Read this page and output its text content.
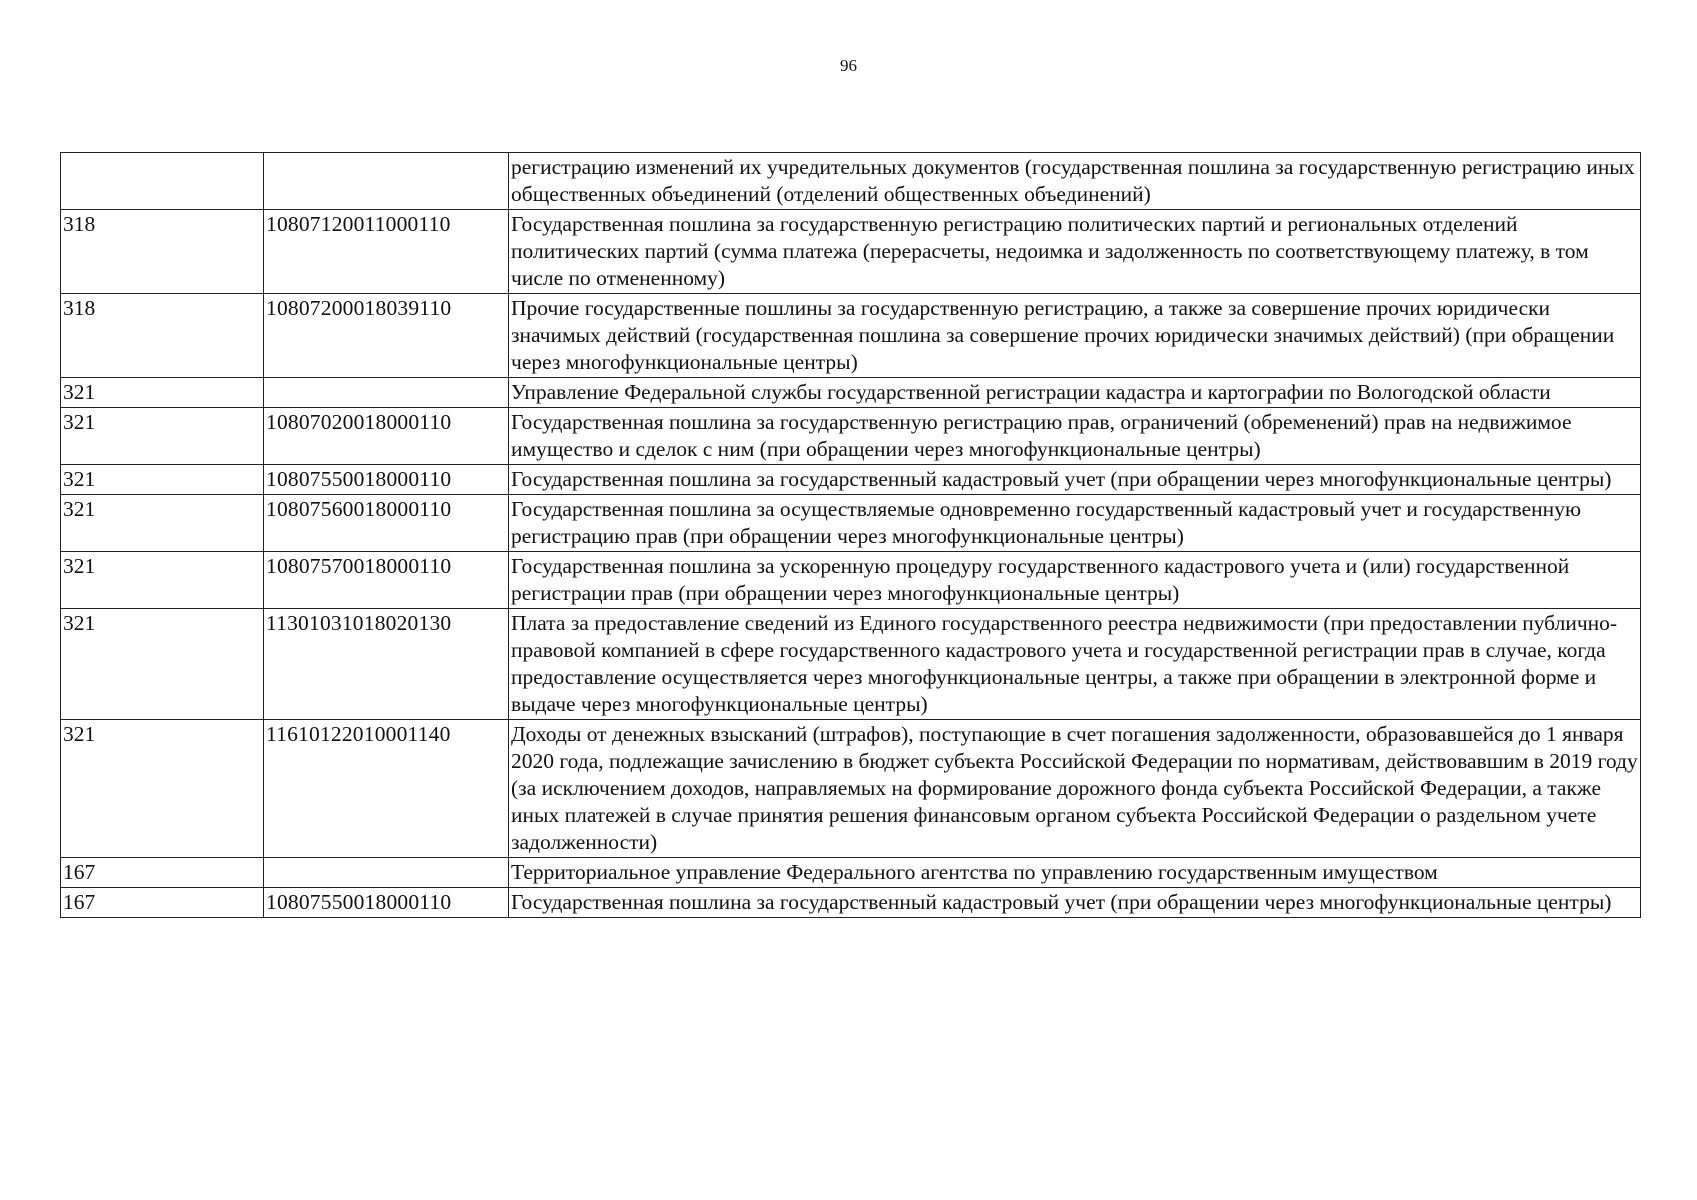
96
		регистрацию изменений их учредительных документов (государственная пошлина за государственную регистрацию иных общественных объединений (отделений общественных объединений)
318	10807120011000110	Государственная пошлина за государственную регистрацию политических партий и региональных отделений политических партий (сумма платежа (перерасчеты, недоимка и задолженность по соответствующему платежу, в том числе по отмененному)
318	10807200018039110	Прочие государственные пошлины за государственную регистрацию, а также за совершение прочих юридически значимых действий (государственная пошлина за совершение прочих юридически значимых действий) (при обращении через многофункциональные центры)
321		Управление Федеральной службы государственной регистрации кадастра и картографии по Вологодской области
321	10807020018000110	Государственная пошлина за государственную регистрацию прав, ограничений (обременений) прав на недвижимое имущество и сделок с ним (при обращении через многофункциональные центры)
321	10807550018000110	Государственная пошлина за государственный кадастровый учет (при обращении через многофункциональные центры)
321	10807560018000110	Государственная пошлина за осуществляемые одновременно государственный кадастровый учет и государственную регистрацию прав (при обращении через многофункциональные центры)
321	10807570018000110	Государственная пошлина за ускоренную процедуру государственного кадастрового учета и (или) государственной регистрации прав (при обращении через многофункциональные центры)
321	11301031018020130	Плата за предоставление сведений из Единого государственного реестра недвижимости (при предоставлении публично-правовой компанией в сфере государственного кадастрового учета и государственной регистрации прав в случае, когда предоставление осуществляется через многофункциональные центры, а также при обращении в электронной форме и выдаче через многофункциональные центры)
321	11610122010001140	Доходы от денежных взысканий (штрафов), поступающие в счет погашения задолженности, образовавшейся до 1 января 2020 года, подлежащие зачислению в бюджет субъекта Российской Федерации по нормативам, действовавшим в 2019 году (за исключением доходов, направляемых на формирование дорожного фонда субъекта Российской Федерации, а также иных платежей в случае принятия решения финансовым органом субъекта Российской Федерации о раздельном учете задолженности)
167		Территориальное управление Федерального агентства по управлению государственным имуществом
167	10807550018000110	Государственная пошлина за государственный кадастровый учет (при обращении через многофункциональные центры)
